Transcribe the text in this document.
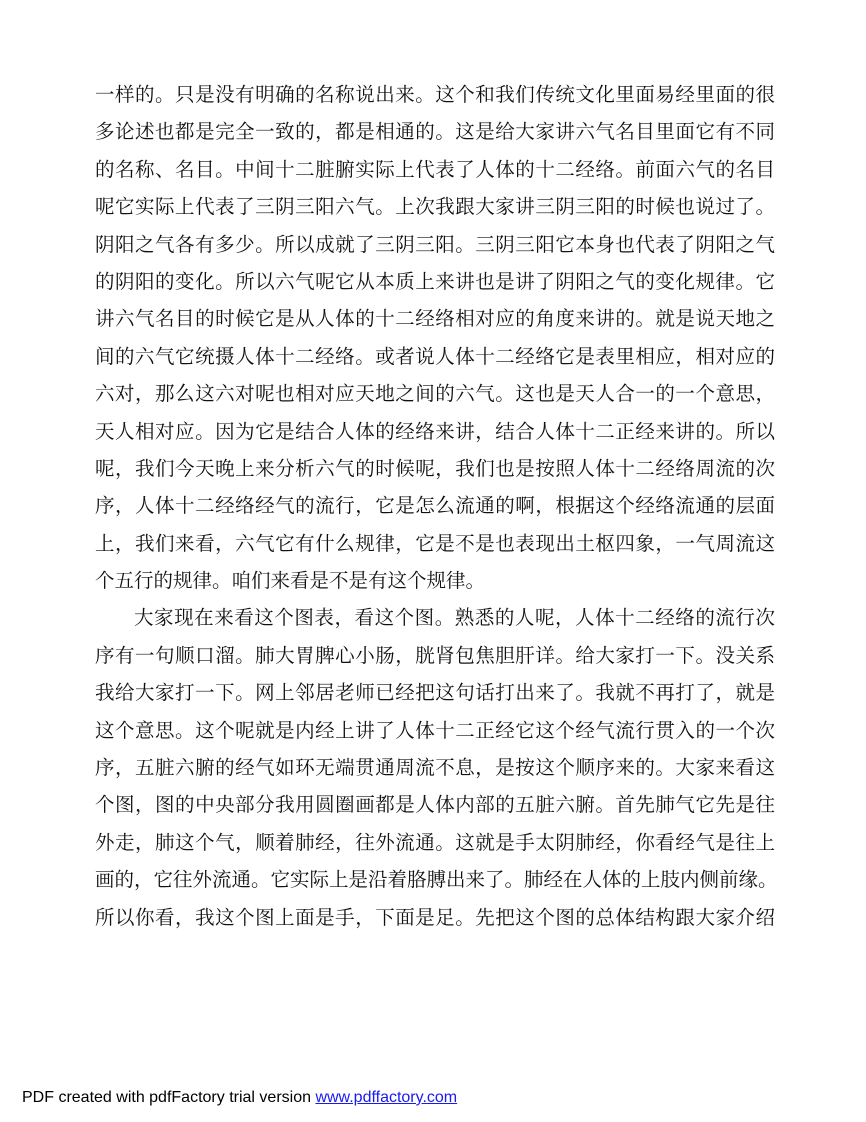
一样的。只是没有明确的名称说出来。这个和我们传统文化里面易经里面的很
多论述也都是完全一致的，都是相通的。这是给大家讲六气名目里面它有不同
的名称、名目。中间十二脏腑实际上代表了人体的十二经络。前面六气的名目
呢它实际上代表了三阴三阳六气。上次我跟大家讲三阴三阳的时候也说过了。
阴阳之气各有多少。所以成就了三阴三阳。三阴三阳它本身也代表了阴阳之气
的阴阳的变化。所以六气呢它从本质上来讲也是讲了阴阳之气的变化规律。它
讲六气名目的时候它是从人体的十二经络相对应的角度来讲的。就是说天地之
间的六气它统摄人体十二经络。或者说人体十二经络它是表里相应，相对应的
六对，那么这六对呢也相对应天地之间的六气。这也是天人合一的一个意思，
天人相对应。因为它是结合人体的经络来讲，结合人体十二正经来讲的。所以
呢，我们今天晚上来分析六气的时候呢，我们也是按照人体十二经络周流的次
序，人体十二经络经气的流行，它是怎么流通的啊，根据这个经络流通的层面
上，我们来看，六气它有什么规律，它是不是也表现出土枢四象，一气周流这
个五行的规律。咱们来看是不是有这个规律。
大家现在来看这个图表，看这个图。熟悉的人呢，人体十二经络的流行次
序有一句顺口溜。肺大胃脾心小肠，胱肾包焦胆肝详。给大家打一下。没关系
我给大家打一下。网上邻居老师已经把这句话打出来了。我就不再打了，就是
这个意思。这个呢就是内经上讲了人体十二正经它这个经气流行贯入的一个次
序，五脏六腑的经气如环无端贯通周流不息，是按这个顺序来的。大家来看这
个图，图的中央部分我用圆圈画都是人体内部的五脏六腑。首先肺气它先是往
外走，肺这个气，顺着肺经，往外流通。这就是手太阴肺经，你看经气是往上
画的，它往外流通。它实际上是沿着胳膊出来了。肺经在人体的上肢内侧前缘。
所以你看，我这个图上面是手，下面是足。先把这个图的总体结构跟大家介绍
PDF created with pdfFactory trial version www.pdffactory.com
